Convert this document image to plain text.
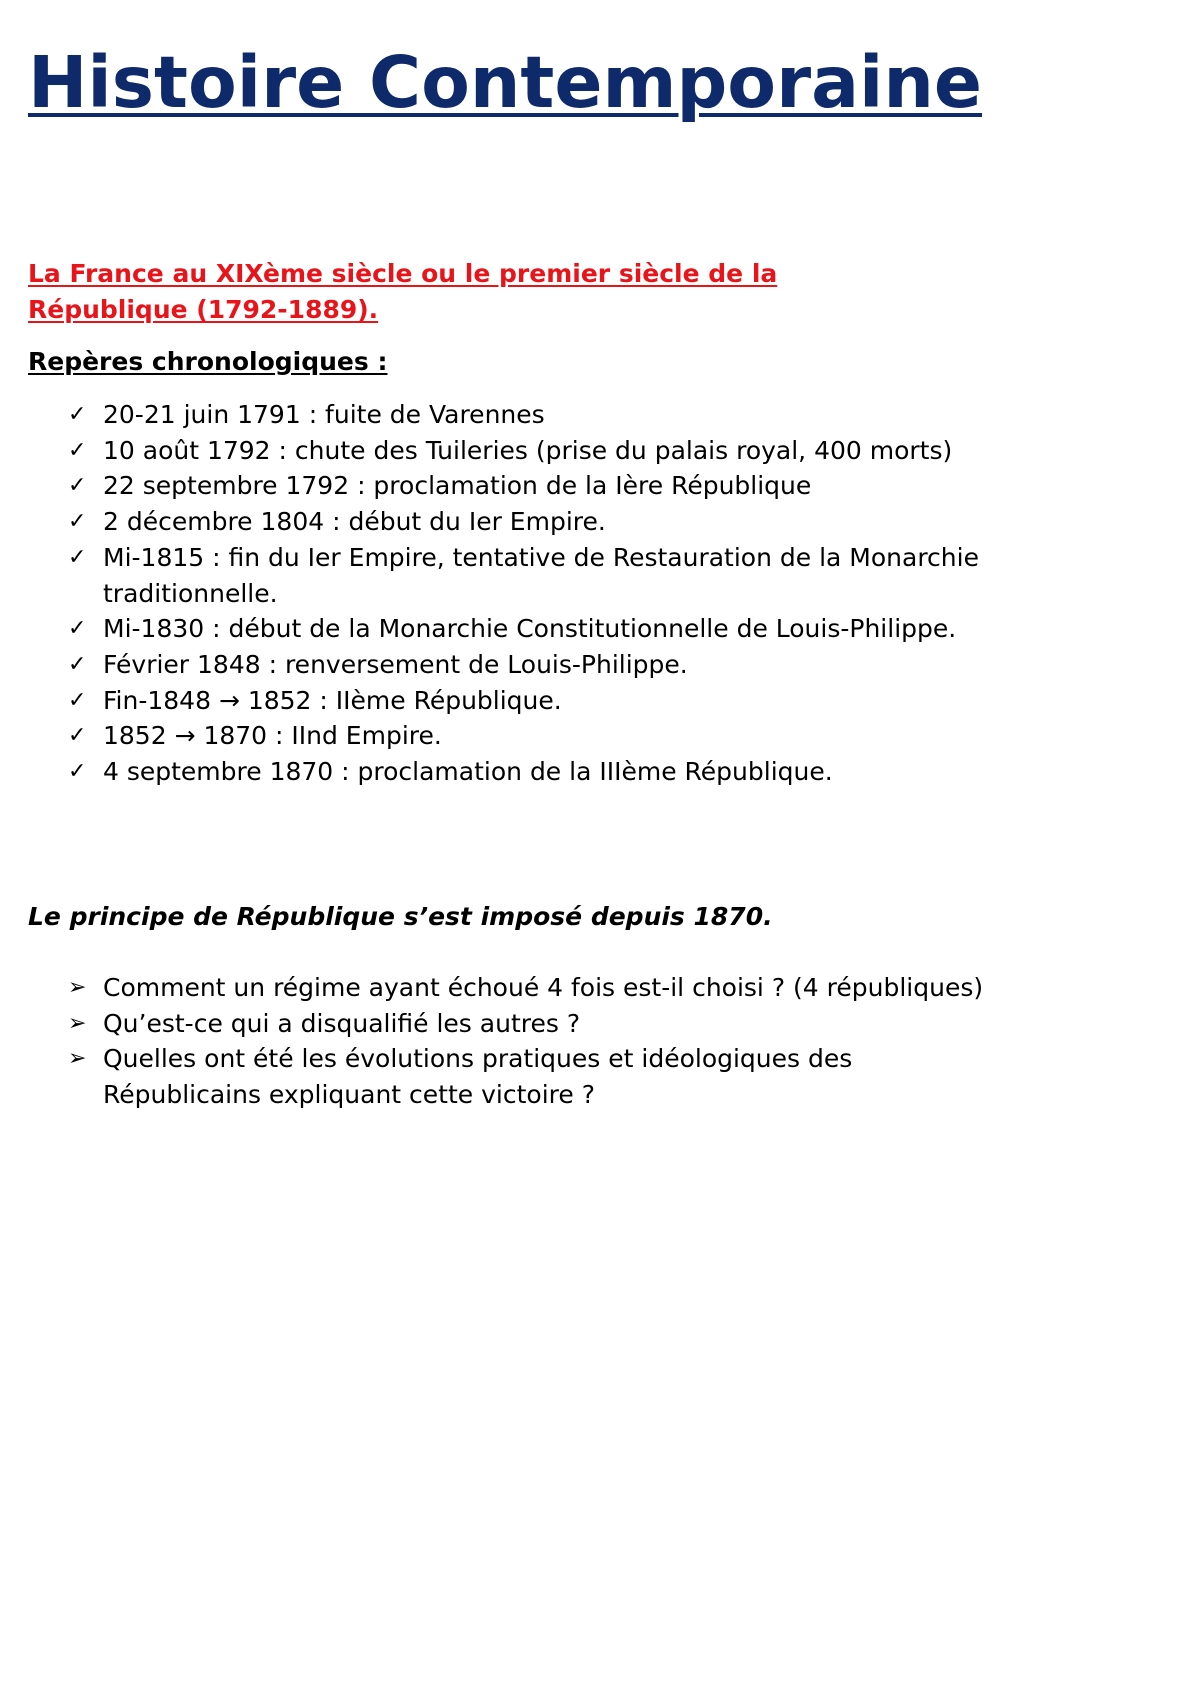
Histoire Contemporaine
La France au XIXème siècle ou le premier siècle de la République (1792-1889).
Repères chronologiques :
✓ 20-21 juin 1791 : fuite de Varennes
✓ 10 août 1792 : chute des Tuileries (prise du palais royal, 400 morts)
✓ 22 septembre 1792 : proclamation de la Ière République
✓ 2 décembre 1804 : début du Ier Empire.
✓ Mi-1815 : fin du Ier Empire, tentative de Restauration de la Monarchie traditionnelle.
✓ Mi-1830 : début de la Monarchie Constitutionnelle de Louis-Philippe.
✓ Février 1848 : renversement de Louis-Philippe.
✓ Fin-1848 → 1852 : IIème République.
✓ 1852 → 1870 : IInd Empire.
✓ 4 septembre 1870 : proclamation de la IIIème République.

Le principe de République s’est imposé depuis 1870.

➢ Comment un régime ayant échoué 4 fois est-il choisi ? (4 républiques)
➢ Qu’est-ce qui a disqualifié les autres ?
➢ Quelles ont été les évolutions pratiques et idéologiques des Républicains expliquant cette victoire ?
